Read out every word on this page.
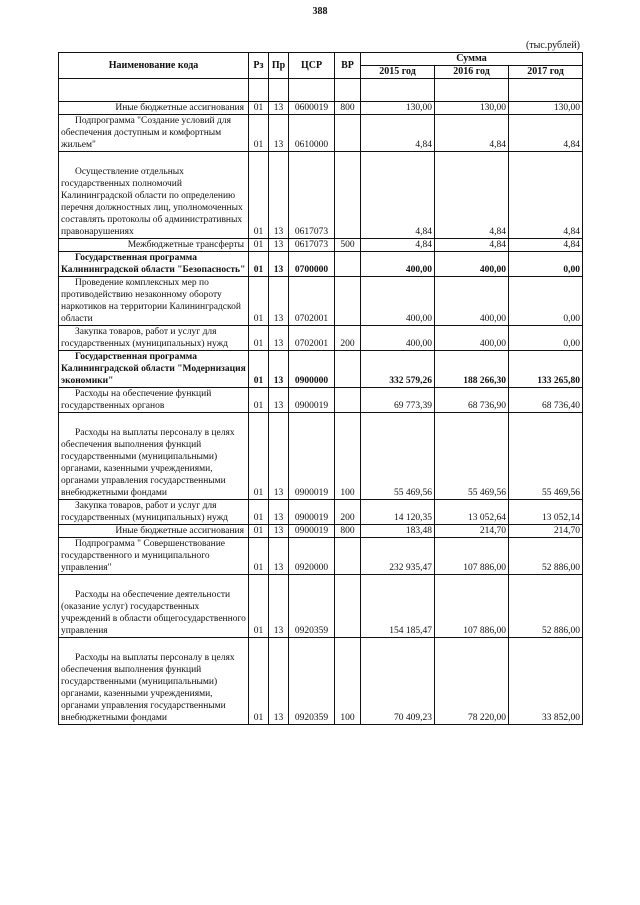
388
(тыс.рублей)
Наименование кода	Рз	Пр	ЦСР	ВР	Сумма		
					2015 год	2016 год	2017 год

Иные бюджетные ассигнования	01	13	0600019	800	130,00	130,00	130,00
Подпрограмма "Создание условий для обеспечения доступным и комфортным жильем"	01	13	0610000		4,84	4,84	4,84
Осуществление отдельных государственных полномочий Калининградской области по определению перечня должностных лиц, уполномоченных составлять протоколы об административных правонарушениях	01	13	0617073		4,84	4,84	4,84
Межбюджетные трансферты	01	13	0617073	500	4,84	4,84	4,84
Государственная программа Калининградской области "Безопасность"	01	13	0700000		400,00	400,00	0,00
Проведение комплексных мер по противодействию незаконному обороту наркотиков на территории Калининградской области	01	13	0702001		400,00	400,00	0,00
Закупка товаров, работ и услуг для государственных (муниципальных) нужд	01	13	0702001	200	400,00	400,00	0,00
Государственная программа Калининградской области "Модернизация экономики"	01	13	0900000		332 579,26	188 266,30	133 265,80
Расходы на обеспечение функций государственных органов	01	13	0900019		69 773,39	68 736,90	68 736,40
Расходы на выплаты персоналу в целях обеспечения выполнения функций государственными (муниципальными) органами, казенными учреждениями, органами управления государственными внебюджетными фондами	01	13	0900019	100	55 469,56	55 469,56	55 469,56
Закупка товаров, работ и услуг для государственных (муниципальных) нужд	01	13	0900019	200	14 120,35	13 052,64	13 052,14
Иные бюджетные ассигнования	01	13	0900019	800	183,48	214,70	214,70
Подпрограмма " Совершенствование государственного и муниципального управления"	01	13	0920000		232 935,47	107 886,00	52 886,00
Расходы на обеспечение деятельности (оказание услуг) государственных учреждений в области общегосударственного управления	01	13	0920359		154 185,47	107 886,00	52 886,00
Расходы на выплаты персоналу в целях обеспечения выполнения функций государственными (муниципальными) органами, казенными учреждениями, органами управления государственными внебюджетными фондами	01	13	0920359	100	70 409,23	78 220,00	33 852,00
